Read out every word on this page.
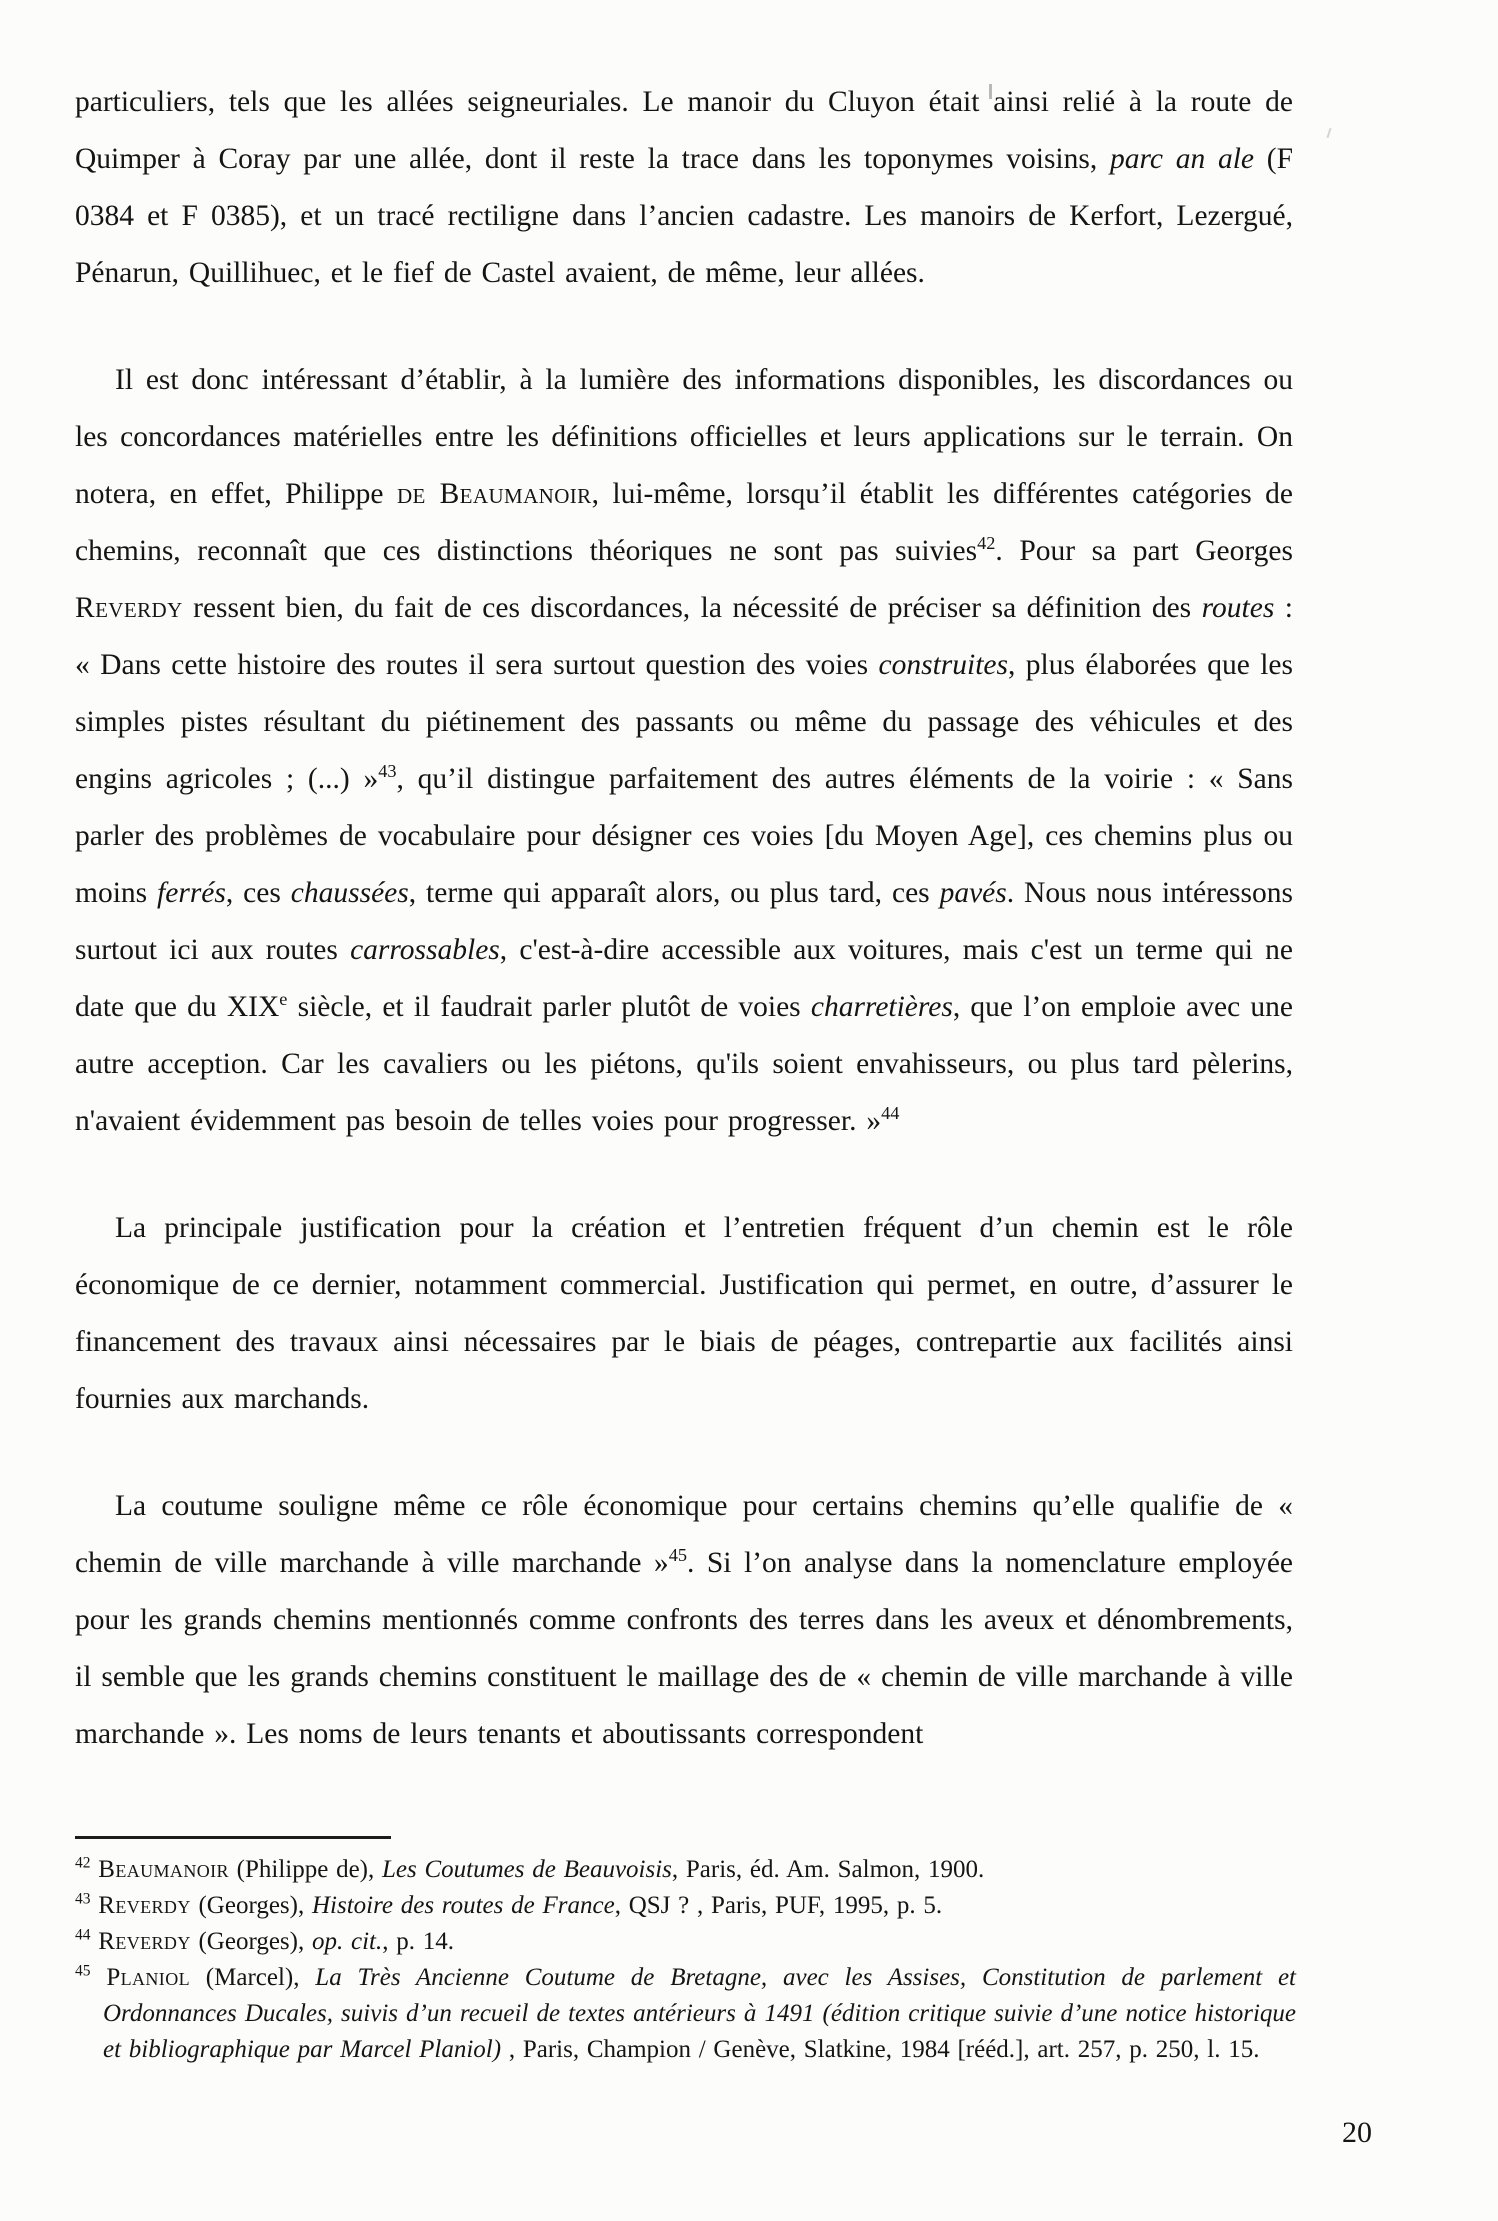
particuliers, tels que les allées seigneuriales. Le manoir du Cluyon était ainsi relié à la route de Quimper à Coray par une allée, dont il reste la trace dans les toponymes voisins, parc an ale (F 0384 et F 0385), et un tracé rectiligne dans l’ancien cadastre. Les manoirs de Kerfort, Lezergué, Pénarun, Quillihuec, et le fief de Castel avaient, de même, leur allées.

Il est donc intéressant d’établir, à la lumière des informations disponibles, les discordances ou les concordances matérielles entre les définitions officielles et leurs applications sur le terrain. On notera, en effet, Philippe de Beaumanoir, lui-même, lorsqu’il établit les différentes catégories de chemins, reconnaît que ces distinctions théoriques ne sont pas suivies$^{42}$. Pour sa part Georges Reverdy ressent bien, du fait de ces discordances, la nécessité de préciser sa définition des routes : « Dans cette histoire des routes il sera surtout question des voies construites, plus élaborées que les simples pistes résultant du piétinement des passants ou même du passage des véhicules et des engins agricoles ; (...) »$^{43}$, qu’il distingue parfaitement des autres éléments de la voirie : « Sans parler des problèmes de vocabulaire pour désigner ces voies [du Moyen Age], ces chemins plus ou moins ferrés, ces chaussées, terme qui apparaît alors, ou plus tard, ces pavés. Nous nous intéressons surtout ici aux routes carrossables, c'est-à-dire accessible aux voitures, mais c'est un terme qui ne date que du XIXe siècle, et il faudrait parler plutôt de voies charretières, que l’on emploie avec une autre acception. Car les cavaliers ou les piétons, qu'ils soient envahisseurs, ou plus tard pèlerins, n'avaient évidemment pas besoin de telles voies pour progresser. »$^{44}$

La principale justification pour la création et l’entretien fréquent d’un chemin est le rôle économique de ce dernier, notamment commercial. Justification qui permet, en outre, d’assurer le financement des travaux ainsi nécessaires par le biais de péages, contrepartie aux facilités ainsi fournies aux marchands.

La coutume souligne même ce rôle économique pour certains chemins qu’elle qualifie de « chemin de ville marchande à ville marchande »$^{45}$. Si l’on analyse dans la nomenclature employée pour les grands chemins mentionnés comme confronts des terres dans les aveux et dénombrements, il semble que les grands chemins constituent le maillage des de « chemin de ville marchande à ville marchande ». Les noms de leurs tenants et aboutissants correspondent

$^{42}$ Beaumanoir (Philippe de), Les Coutumes de Beauvoisis, Paris, éd. Am. Salmon, 1900.

$^{43}$ Reverdy (Georges), Histoire des routes de France, QSJ ? , Paris, PUF, 1995, p. 5.

$^{44}$ Reverdy (Georges), op. cit., p. 14.

$^{45}$ Planiol (Marcel), La Très Ancienne Coutume de Bretagne, avec les Assises, Constitution de parlement et Ordonnances Ducales, suivis d’un recueil de textes antérieurs à 1491 (édition critique suivie d’une notice historique et bibliographique par Marcel Planiol) , Paris, Champion / Genève, Slatkine, 1984 [rééd.], art. 257, p. 250, l. 15.

20
